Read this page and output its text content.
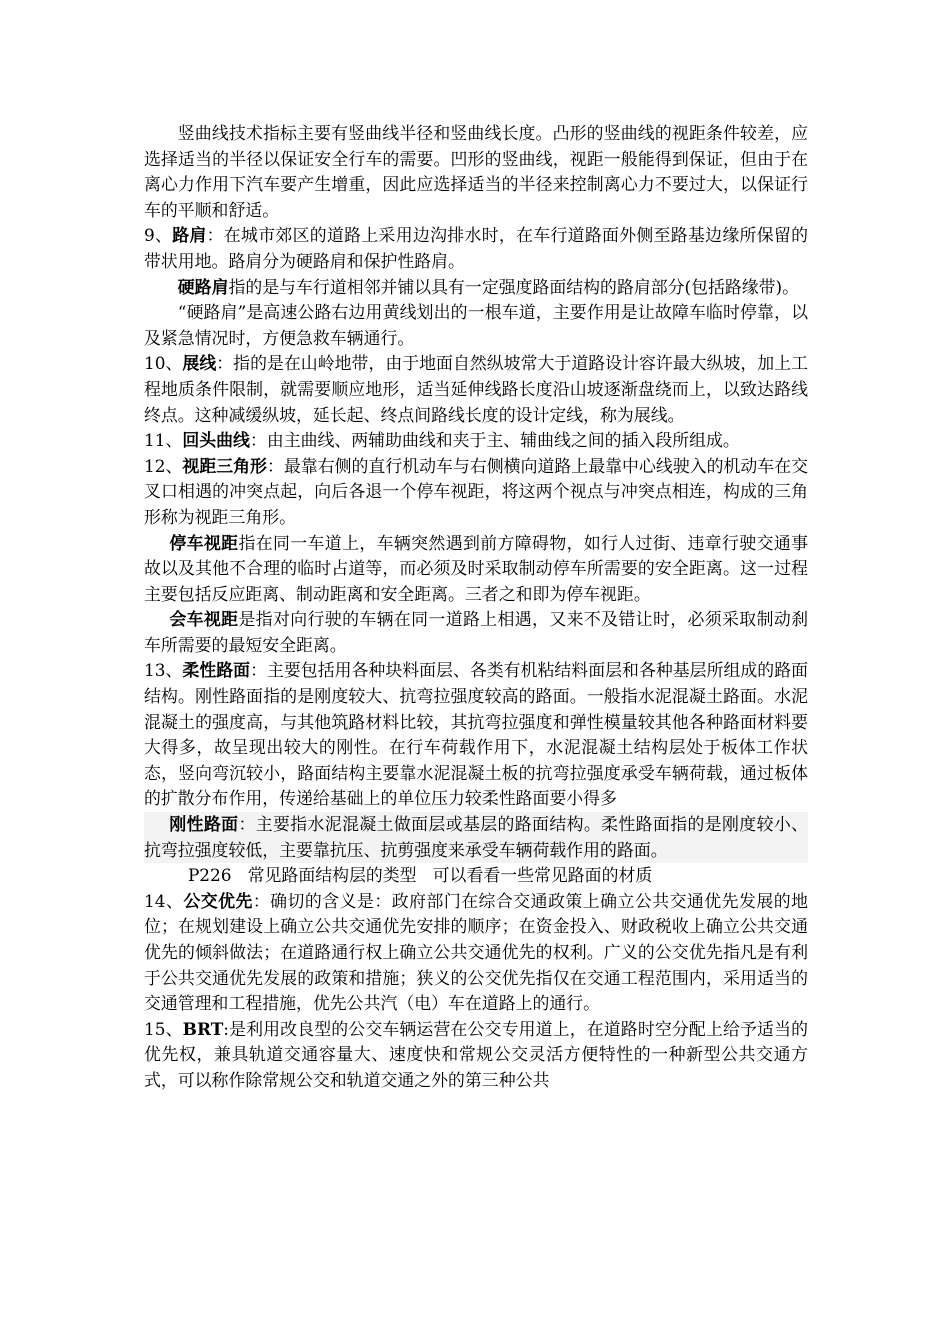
竖曲线技术指标主要有竖曲线半径和竖曲线长度。凸形的竖曲线的视距条件较差，应选择适当的半径以保证安全行车的需要。凹形的竖曲线，视距一般能得到保证，但由于在离心力作用下汽车要产生增重，因此应选择适当的半径来控制离心力不要过大，以保证行车的平顺和舒适。

9、路肩：在城市郊区的道路上采用边沟排水时，在车行道路面外侧至路基边缘所保留的带状用地。路肩分为硬路肩和保护性路肩。

硬路肩指的是与车行道相邻并铺以具有一定强度路面结构的路肩部分(包括路缘带)。

“硬路肩”是高速公路右边用黄线划出的一根车道，主要作用是让故障车临时停靠，以及紧急情况时，方便急救车辆通行。

10、展线：指的是在山岭地带，由于地面自然纵坡常大于道路设计容许最大纵坡，加上工程地质条件限制，就需要顺应地形，适当延伸线路长度沿山坡逐渐盘绕而上，以致达路线终点。这种减缓纵坡，延长起、终点间路线长度的设计定线，称为展线。

11、回头曲线：由主曲线、两辅助曲线和夹于主、辅曲线之间的插入段所组成。

12、视距三角形：最靠右侧的直行机动车与右侧横向道路上最靠中心线驶入的机动车在交叉口相遇的冲突点起，向后各退一个停车视距，将这两个视点与冲突点相连，构成的三角形称为视距三角形。

停车视距指在同一车道上，车辆突然遇到前方障碍物，如行人过街、违章行驶交通事故以及其他不合理的临时占道等，而必须及时采取制动停车所需要的安全距离。这一过程主要包括反应距离、制动距离和安全距离。三者之和即为停车视距。

会车视距是指对向行驶的车辆在同一道路上相遇，又来不及错让时，必须采取制动刹车所需要的最短安全距离。

13、柔性路面：主要包括用各种块料面层、各类有机粘结料面层和各种基层所组成的路面结构。刚性路面指的是刚度较大、抗弯拉强度较高的路面。一般指水泥混凝土路面。水泥混凝土的强度高，与其他筑路材料比较，其抗弯拉强度和弹性模量较其他各种路面材料要大得多，故呈现出较大的刚性。在行车荷载作用下，水泥混凝土结构层处于板体工作状态，竖向弯沉较小，路面结构主要靠水泥混凝土板的抗弯拉强度承受车辆荷载，通过板体的扩散分布作用，传递给基础上的单位压力较柔性路面要小得多

刚性路面：主要指水泥混凝土做面层或基层的路面结构。柔性路面指的是刚度较小、抗弯拉强度较低，主要靠抗压、抗剪强度来承受车辆荷载作用的路面。

P226   常见路面结构层的类型   可以看看一些常见路面的材质

14、公交优先：确切的含义是：政府部门在综合交通政策上确立公共交通优先发展的地位；在规划建设上确立公共交通优先安排的顺序；在资金投入、财政税收上确立公共交通优先的倾斜做法；在道路通行权上确立公共交通优先的权利。广义的公交优先指凡是有利于公共交通优先发展的政策和措施；狭义的公交优先指仅在交通工程范围内，采用适当的交通管理和工程措施，优先公共汽（电）车在道路上的通行。

15、BRT:是利用改良型的公交车辆运营在公交专用道上，在道路时空分配上给予适当的优先权，兼具轨道交通容量大、速度快和常规公交灵活方便特性的一种新型公共交通方式，可以称作除常规公交和轨道交通之外的第三种公共
